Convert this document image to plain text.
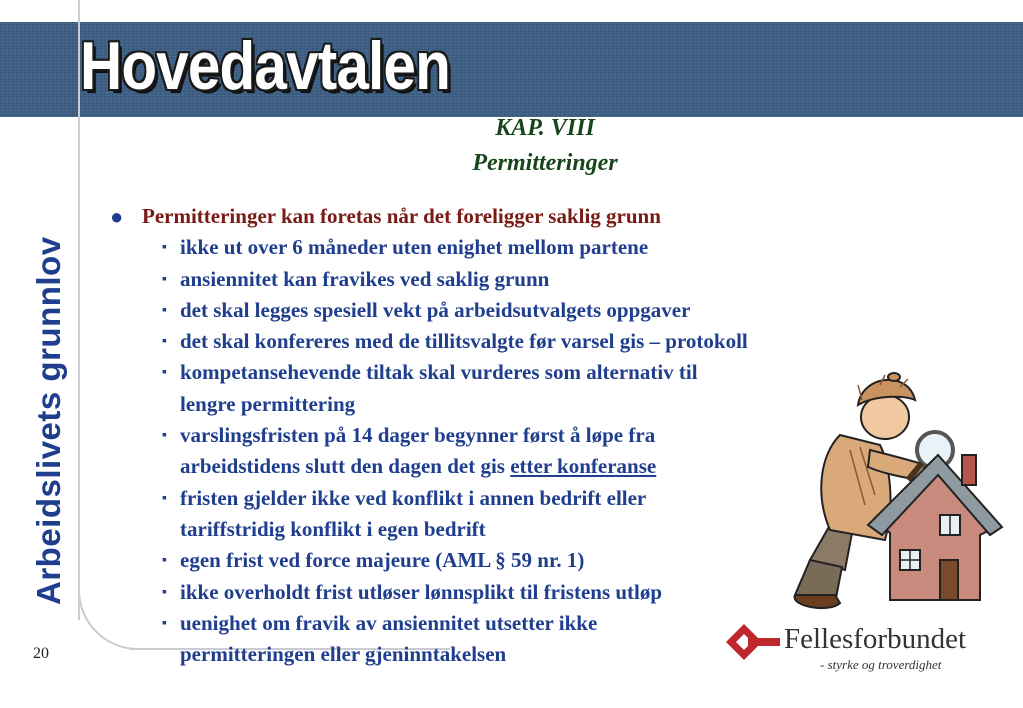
Hovedavtalen
Arbeidslivets grunnlov
20

KAP. VIII

Permitteringer

● Permitteringer kan foretas når det foreligger saklig grunn
▪ ikke ut over 6 måneder uten enighet mellom partene
▪ ansiennitet kan fravikes ved saklig grunn
▪ det skal legges spesiell vekt på arbeidsutvalgets oppgaver
▪ det skal konfereres med de tillitsvalgte før varsel gis – protokoll
▪ kompetansehevende tiltak skal vurderes som alternativ til
lengre permittering
▪ varslingsfristen på 14 dager begynner først å løpe fra
arbeidstidens slutt den dagen det gis etter konferanse
▪ fristen gjelder ikke ved konflikt i annen bedrift eller
tariffstridig konflikt i egen bedrift
▪ egen frist ved force majeure (AML § 59 nr. 1)
▪ ikke overholdt frist utløser lønnsplikt til fristens utløp
▪ uenighet om fravik av ansiennitet utsetter ikke
permitteringen eller gjeninntakelsen	Fellesforbundet
- styrke og troverdighet
